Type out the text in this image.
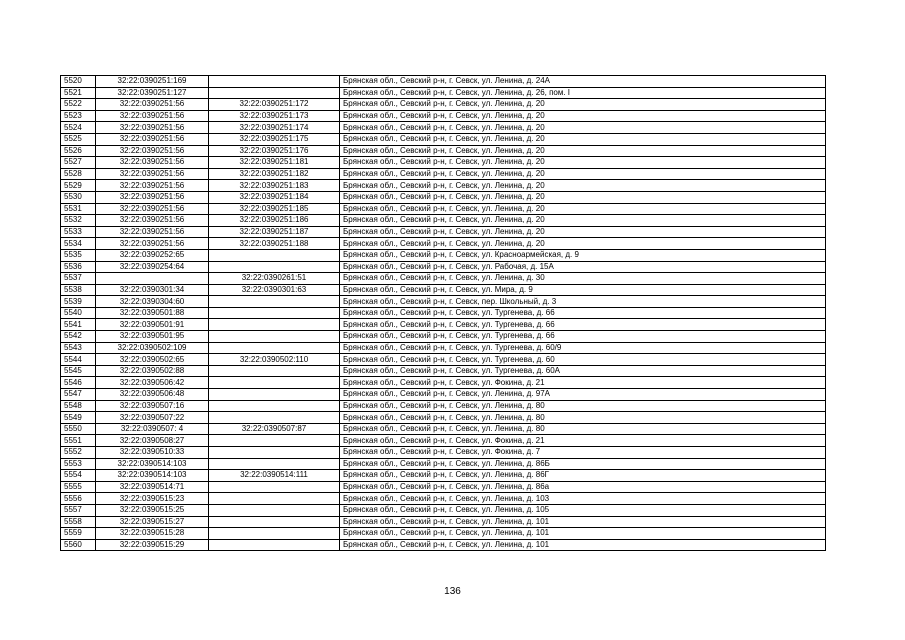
5520	32:22:0390251:169		Брянская обл., Севский р-н, г. Севск, ул. Ленина, д. 24А
5521	32:22:0390251:127		Брянская обл., Севский р-н, г. Севск, ул. Ленина, д. 26, пом. I
5522	32:22:0390251:56	32:22:0390251:172	Брянская обл., Севский р-н, г. Севск, ул. Ленина, д. 20
5523	32:22:0390251:56	32:22:0390251:173	Брянская обл., Севский р-н, г. Севск, ул. Ленина, д. 20
5524	32:22:0390251:56	32:22:0390251:174	Брянская обл., Севский р-н, г. Севск, ул. Ленина, д. 20
5525	32:22:0390251:56	32:22:0390251:175	Брянская обл., Севский р-н, г. Севск, ул. Ленина, д. 20
5526	32:22:0390251:56	32:22:0390251:176	Брянская обл., Севский р-н, г. Севск, ул. Ленина, д. 20
5527	32:22:0390251:56	32:22:0390251:181	Брянская обл., Севский р-н, г. Севск, ул. Ленина, д. 20
5528	32:22:0390251:56	32:22:0390251:182	Брянская обл., Севский р-н, г. Севск, ул. Ленина, д. 20
5529	32:22:0390251:56	32:22:0390251:183	Брянская обл., Севский р-н, г. Севск, ул. Ленина, д. 20
5530	32:22:0390251:56	32:22:0390251:184	Брянская обл., Севский р-н, г. Севск, ул. Ленина, д. 20
5531	32:22:0390251:56	32:22:0390251:185	Брянская обл., Севский р-н, г. Севск, ул. Ленина, д. 20
5532	32:22:0390251:56	32:22:0390251:186	Брянская обл., Севский р-н, г. Севск, ул. Ленина, д. 20
5533	32:22:0390251:56	32:22:0390251:187	Брянская обл., Севский р-н, г. Севск, ул. Ленина, д. 20
5534	32:22:0390251:56	32:22:0390251:188	Брянская обл., Севский р-н, г. Севск, ул. Ленина, д. 20
5535	32:22:0390252:65		Брянская обл., Севский р-н, г. Севск, ул. Красноармейская, д. 9
5536	32:22:0390254:64		Брянская обл., Севский р-н, г. Севск, ул. Рабочая, д. 15А
5537		32:22:0390261:51	Брянская обл., Севский р-н, г. Севск, ул. Ленина, д. 30
5538	32:22:0390301:34	32:22:0390301:63	Брянская обл., Севский р-н, г. Севск, ул. Мира, д. 9
5539	32:22:0390304:60		Брянская обл., Севский р-н, г. Севск, пер. Школьный, д. 3
5540	32:22:0390501:88		Брянская обл., Севский р-н, г. Севск, ул. Тургенева, д. 66
5541	32:22:0390501:91		Брянская обл., Севский р-н, г. Севск, ул. Тургенева, д. 66
5542	32:22:0390501:95		Брянская обл., Севский р-н, г. Севск, ул. Тургенева, д. 66
5543	32:22:0390502:109		Брянская обл., Севский р-н, г. Севск, ул. Тургенева, д. 60/9
5544	32:22:0390502:65	32:22:0390502:110	Брянская обл., Севский р-н, г. Севск, ул. Тургенева, д. 60
5545	32:22:0390502:88		Брянская обл., Севский р-н, г. Севск, ул. Тургенева, д. 60А
5546	32:22:0390506:42		Брянская обл., Севский р-н, г. Севск, ул. Фокина, д. 21
5547	32:22:0390506:48		Брянская обл., Севский р-н, г. Севск, ул. Ленина, д. 97А
5548	32:22:0390507:16		Брянская обл., Севский р-н, г. Севск, ул. Ленина, д. 80
5549	32:22:0390507:22		Брянская обл., Севский р-н, г. Севск, ул. Ленина, д. 80
5550	32:22:0390507: 4	32:22:0390507:87	Брянская обл., Севский р-н, г. Севск, ул. Ленина, д. 80
5551	32:22:0390508:27		Брянская обл., Севский р-н, г. Севск, ул. Фокина, д. 21
5552	32:22:0390510:33		Брянская обл., Севский р-н, г. Севск, ул. Фокина, д. 7
5553	32:22:0390514:103		Брянская обл., Севский р-н, г. Севск, ул. Ленина, д. 86Б
5554	32:22:0390514:103	32:22:0390514:111	Брянская обл., Севский р-н, г. Севск, ул. Ленина, д. 86Г
5555	32:22:0390514:71		Брянская обл., Севский р-н, г. Севск, ул. Ленина, д. 86а
5556	32:22:0390515:23		Брянская обл., Севский р-н, г. Севск, ул. Ленина, д. 103
5557	32:22:0390515:25		Брянская обл., Севский р-н, г. Севск, ул. Ленина, д. 105
5558	32:22:0390515:27		Брянская обл., Севский р-н, г. Севск, ул. Ленина, д. 101
5559	32:22:0390515:28		Брянская обл., Севский р-н, г. Севск, ул. Ленина, д. 101
5560	32:22:0390515:29		Брянская обл., Севский р-н, г. Севск, ул. Ленина, д. 101
136
